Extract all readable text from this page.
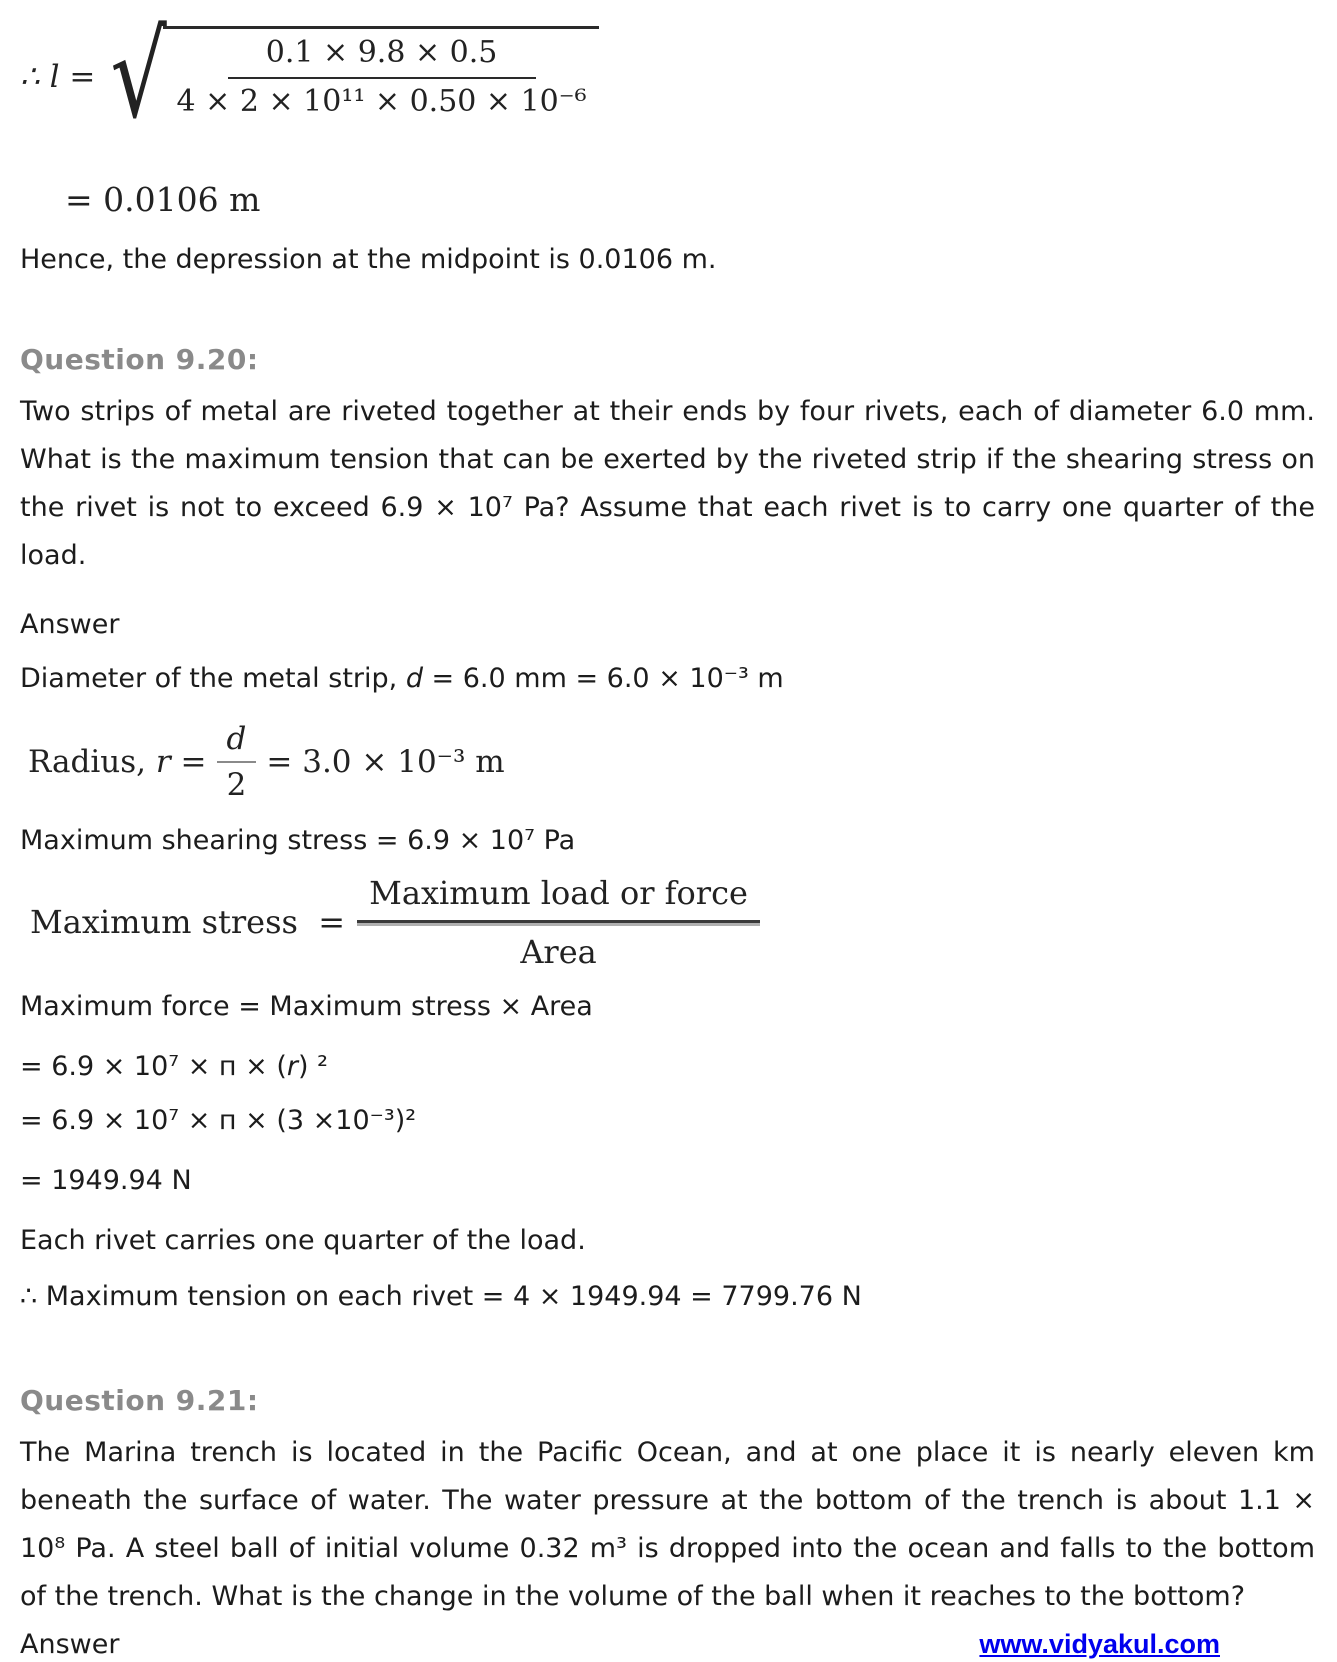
∴ l = √	0.1 × 9.8 × 0.5
4 × 2 × 10¹¹ × 0.50 × 10⁻⁶
= 0.0106 m
Hence, the depression at the midpoint is 0.0106 m.
Question 9.20:
Two strips of metal are riveted together at their ends by four rivets, each of diameter 6.0 mm. What is the maximum tension that can be exerted by the riveted strip if the shearing stress on the rivet is not to exceed 6.9 × 10⁷ Pa? Assume that each rivet is to carry one quarter of the load.
Answer
Diameter of the metal strip, d = 6.0 mm = 6.0 × 10⁻³ m
Radius, $r = \frac{d}{2} = 3.0 \times 10^{-3}$ m
Maximum shearing stress = 6.9 × 10⁷ Pa
Maximum stress  = $\frac{\text{Maximum load or force}}{\text{Area}}$
Maximum force = Maximum stress × Area
= 6.9 × 10⁷ × п × (r) ²
= 6.9 × 10⁷ × п × (3 ×10⁻³)²
= 1949.94 N
Each rivet carries one quarter of the load.
∴ Maximum tension on each rivet = 4 × 1949.94 = 7799.76 N
Question 9.21:
The Marina trench is located in the Pacific Ocean, and at one place it is nearly eleven km beneath the surface of water. The water pressure at the bottom of the trench is about 1.1 × 10⁸ Pa. A steel ball of initial volume 0.32 m³ is dropped into the ocean and falls to the bottom of the trench. What is the change in the volume of the ball when it reaches to the bottom?
Answer	www.vidyakul.com
